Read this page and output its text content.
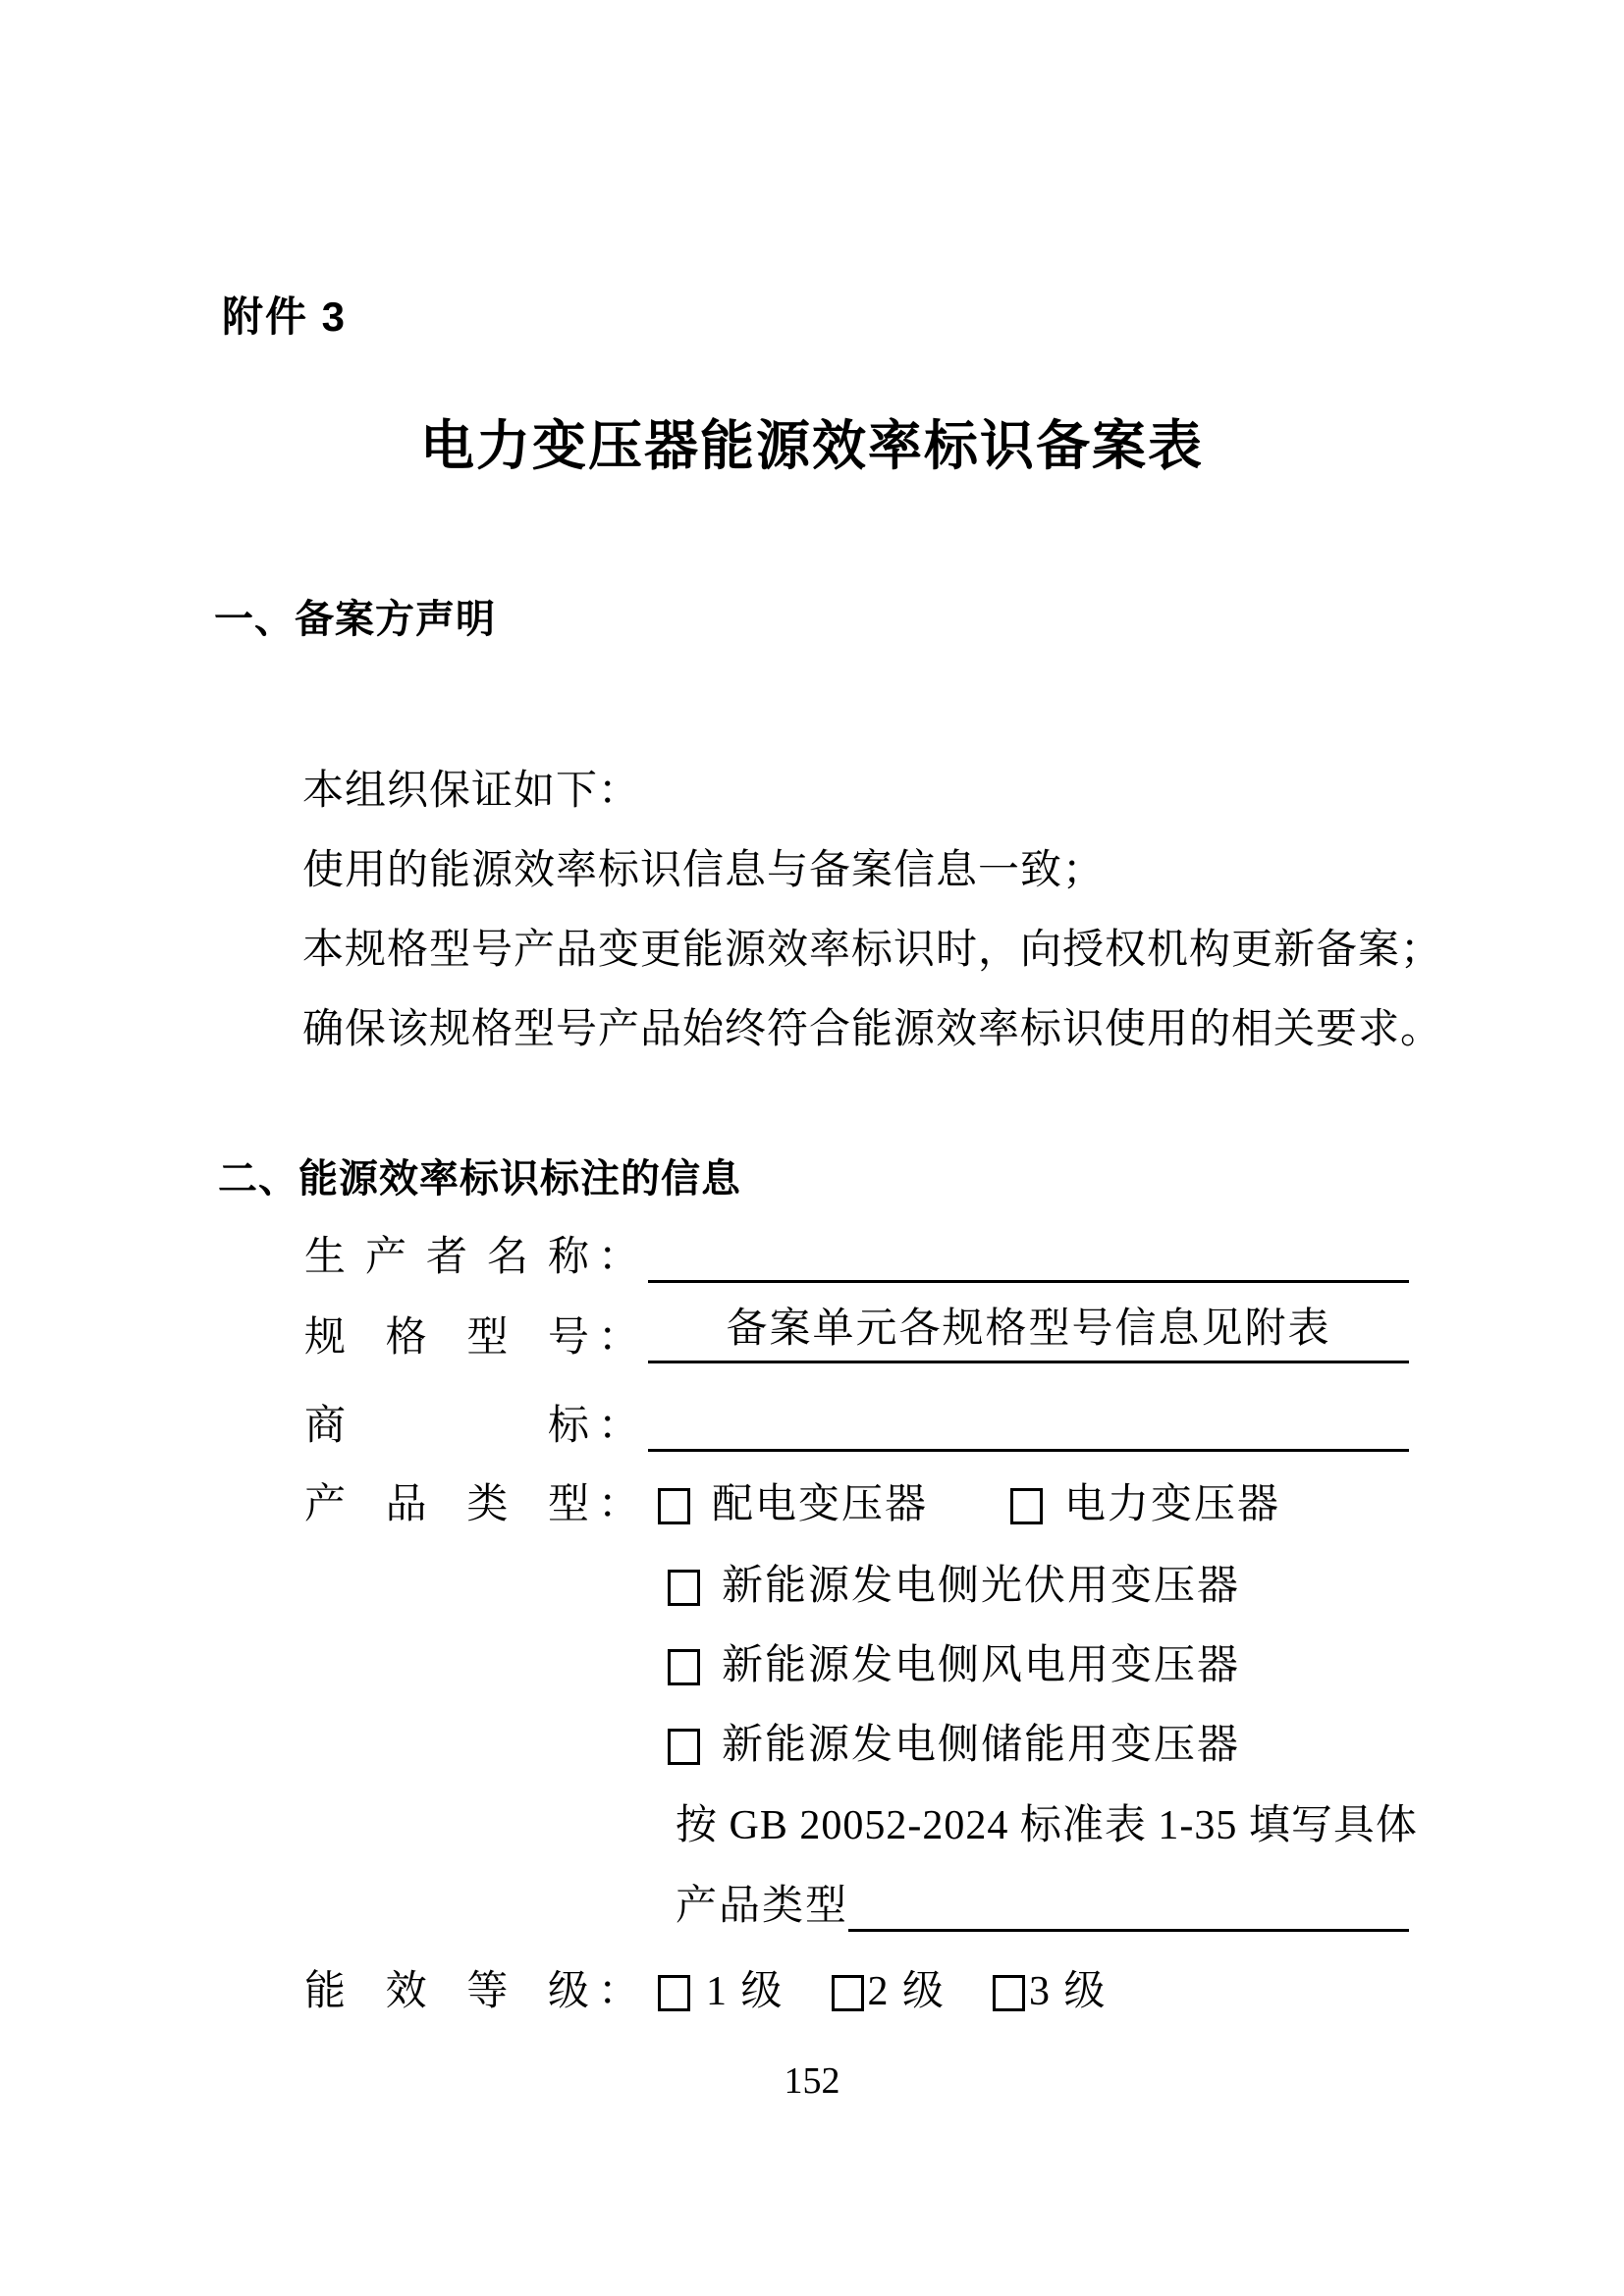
附件 3
电力变压器能源效率标识备案表
一、备案方声明
本组织保证如下：
使用的能源效率标识信息与备案信息一致；
本规格型号产品变更能源效率标识时，向授权机构更新备案；
确保该规格型号产品始终符合能源效率标识使用的相关要求。
二、能源效率标识标注的信息
生产者名称 ：
规格型号 ：	备案单元各规格型号信息见附表
商标 ：
产品类型 ： 配电变压器	电力变压器
新能源发电侧光伏用变压器
新能源发电侧风电用变压器
新能源发电侧储能用变压器
按 GB 20052-2024 标准表 1-35 填写具体
产品类型
能效等级 ： 1 级 2 级 3 级
152
